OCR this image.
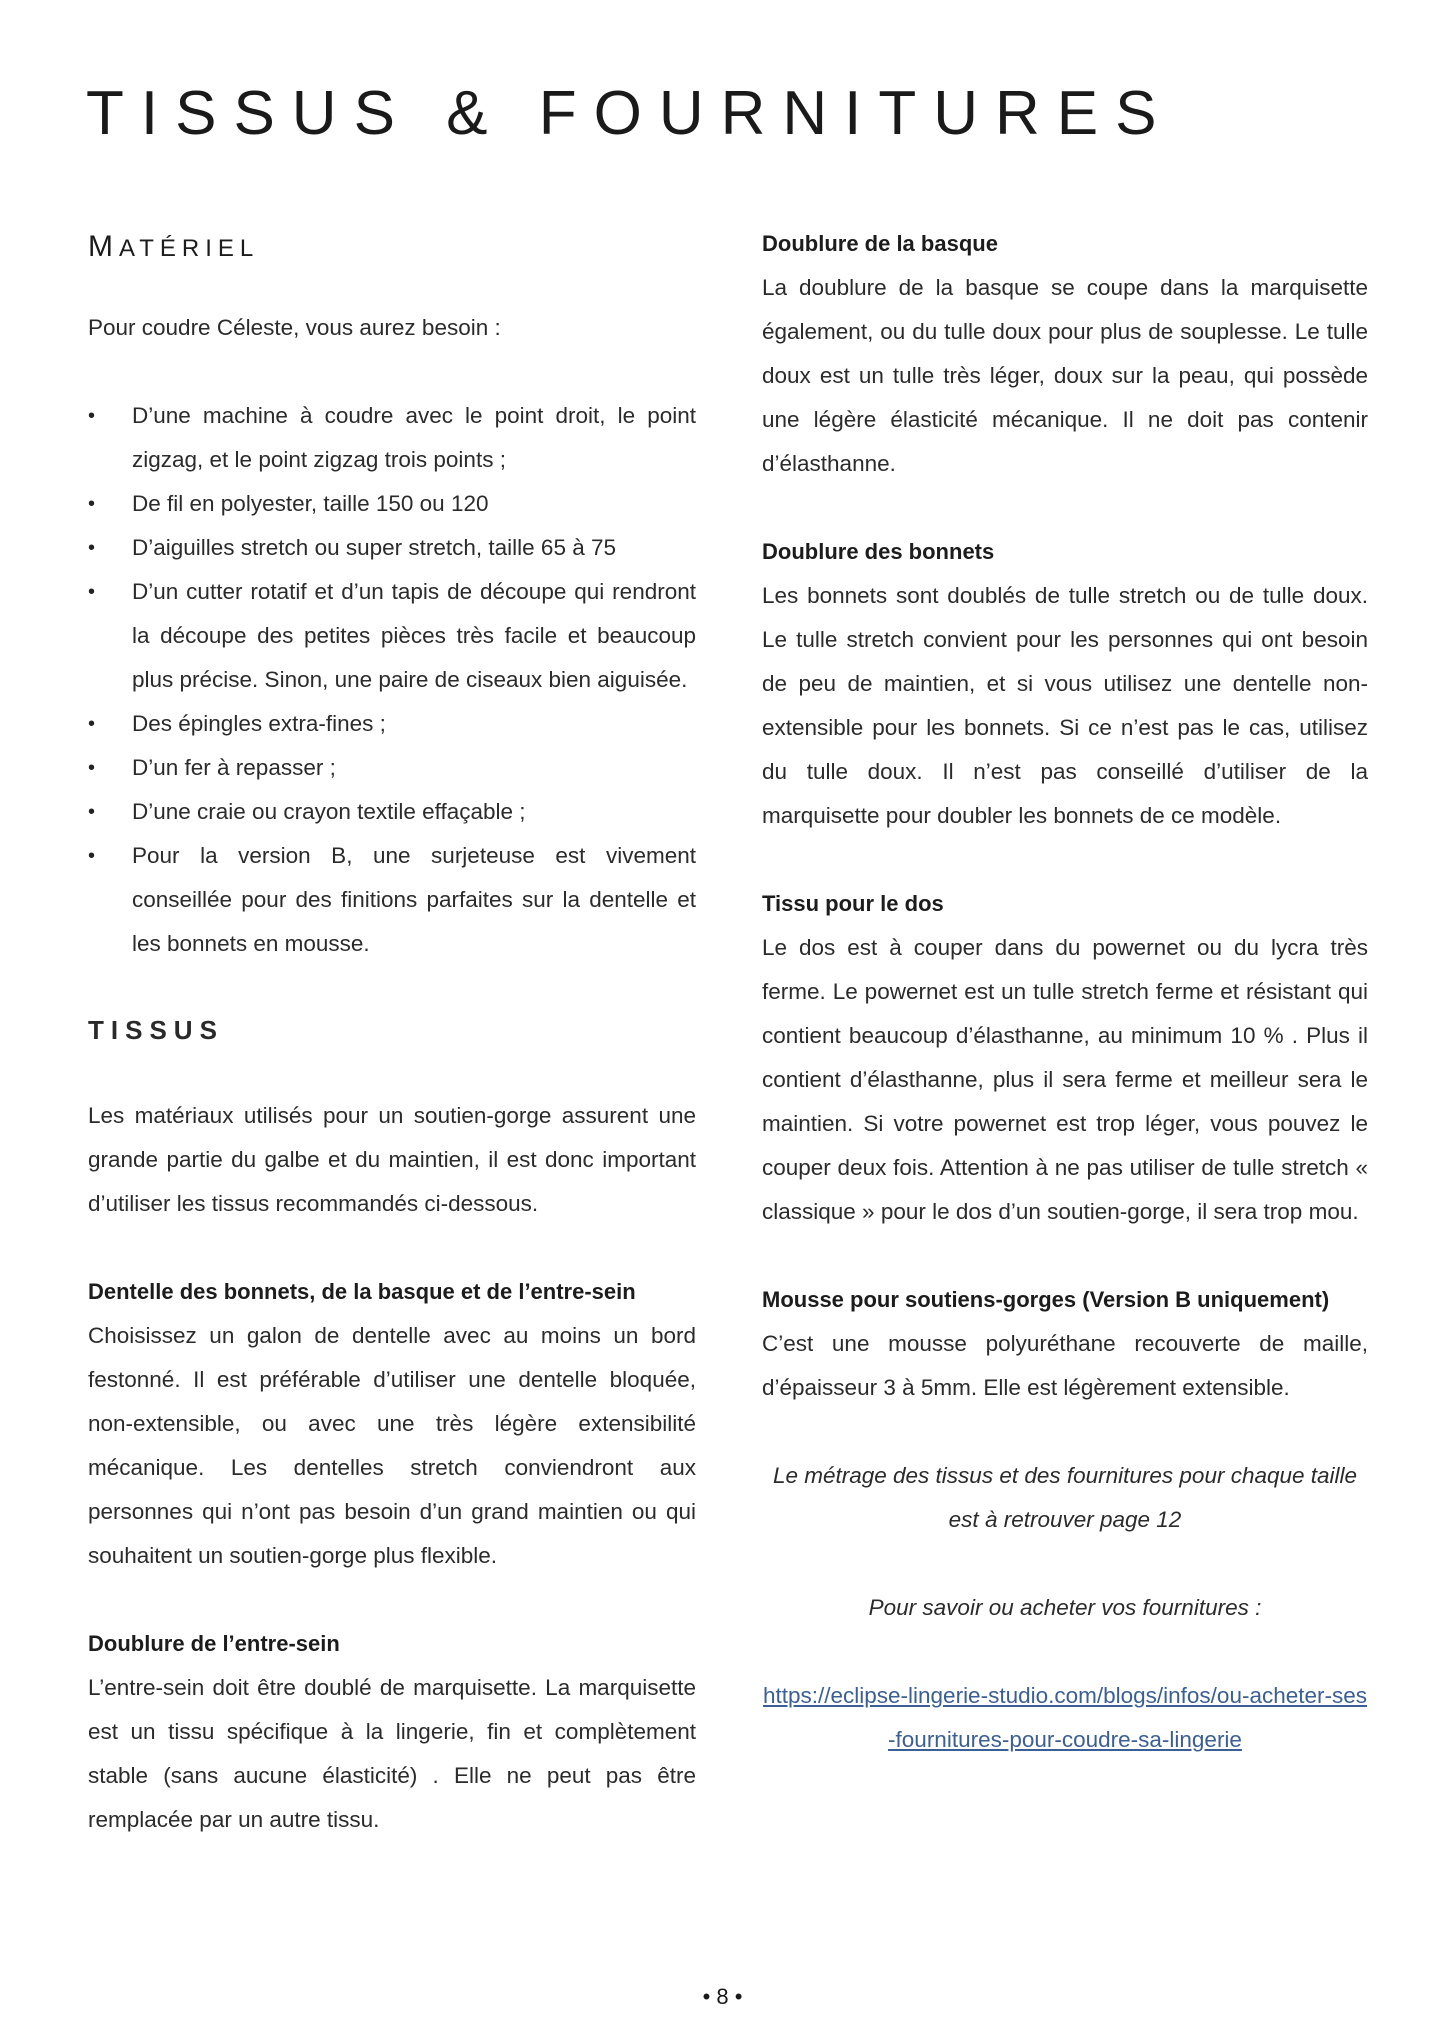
TISSUS & FOURNITURES
MATÉRIEL

Pour coudre Céleste, vous aurez besoin :

• D’une machine à coudre avec le point droit, le point zigzag, et le point zigzag trois points ;
• De fil en polyester, taille 150 ou 120
• D’aiguilles stretch ou super stretch, taille 65 à 75
• D’un cutter rotatif et d’un tapis de découpe qui rendront la découpe des petites pièces très facile et beaucoup plus précise. Sinon, une paire de ciseaux bien aiguisée.
• Des épingles extra-fines ;
• D’un fer à repasser ;
• D’une craie ou crayon textile effaçable ;
• Pour la version B, une surjeteuse est vivement conseillée pour des finitions parfaites sur la dentelle et les bonnets en mousse.
TISSUS

Les matériaux utilisés pour un soutien-gorge assurent une grande partie du galbe et du maintien, il est donc important d’utiliser les tissus recommandés ci-dessous.

Dentelle des bonnets, de la basque et de l’entre-sein

Choisissez un galon de dentelle avec au moins un bord festonné. Il est préférable d’utiliser une dentelle bloquée, non-extensible, ou avec une très légère extensibilité mécanique. Les dentelles stretch conviendront aux personnes qui n’ont pas besoin d’un grand maintien ou qui souhaitent un soutien-gorge plus flexible.

Doublure de l’entre-sein

L’entre-sein doit être doublé de marquisette. La marquisette est un tissu spécifique à la lingerie, fin et complètement stable (sans aucune élasticité) . Elle ne peut pas être remplacée par un autre tissu.

Doublure de la basque

La doublure de la basque se coupe dans la marquisette également, ou du tulle doux pour plus de souplesse. Le tulle doux est un tulle très léger, doux sur la peau, qui possède une légère élasticité mécanique. Il ne doit pas contenir d’élasthanne.

Doublure des bonnets

Les bonnets sont doublés de tulle stretch ou de tulle doux. Le tulle stretch convient pour les personnes qui ont besoin de peu de maintien, et si vous utilisez une dentelle non-extensible pour les bonnets. Si ce n’est pas le cas, utilisez du tulle doux. Il n’est pas conseillé d’utiliser de la marquisette pour doubler les bonnets de ce modèle.

Tissu pour le dos

Le dos est à couper dans du powernet ou du lycra très ferme. Le powernet est un tulle stretch ferme et résistant qui contient beaucoup d’élasthanne, au minimum 10 % . Plus il contient d’élasthanne, plus il sera ferme et meilleur sera le maintien. Si votre powernet est trop léger, vous pouvez le couper deux fois. Attention à ne pas utiliser de tulle stretch « classique » pour le dos d’un soutien-gorge, il sera trop mou.

Mousse pour soutiens-gorges (Version B uniquement)

C’est une mousse polyuréthane recouverte de maille, d’épaisseur 3 à 5mm. Elle est légèrement extensible.

Le métrage des tissus et des fournitures pour chaque taille est à retrouver page 12

Pour savoir ou acheter vos fournitures :

https://eclipse-lingerie-studio.com/blogs/infos/ou-acheter-ses-fournitures-pour-coudre-sa-lingerie
• 8 •
